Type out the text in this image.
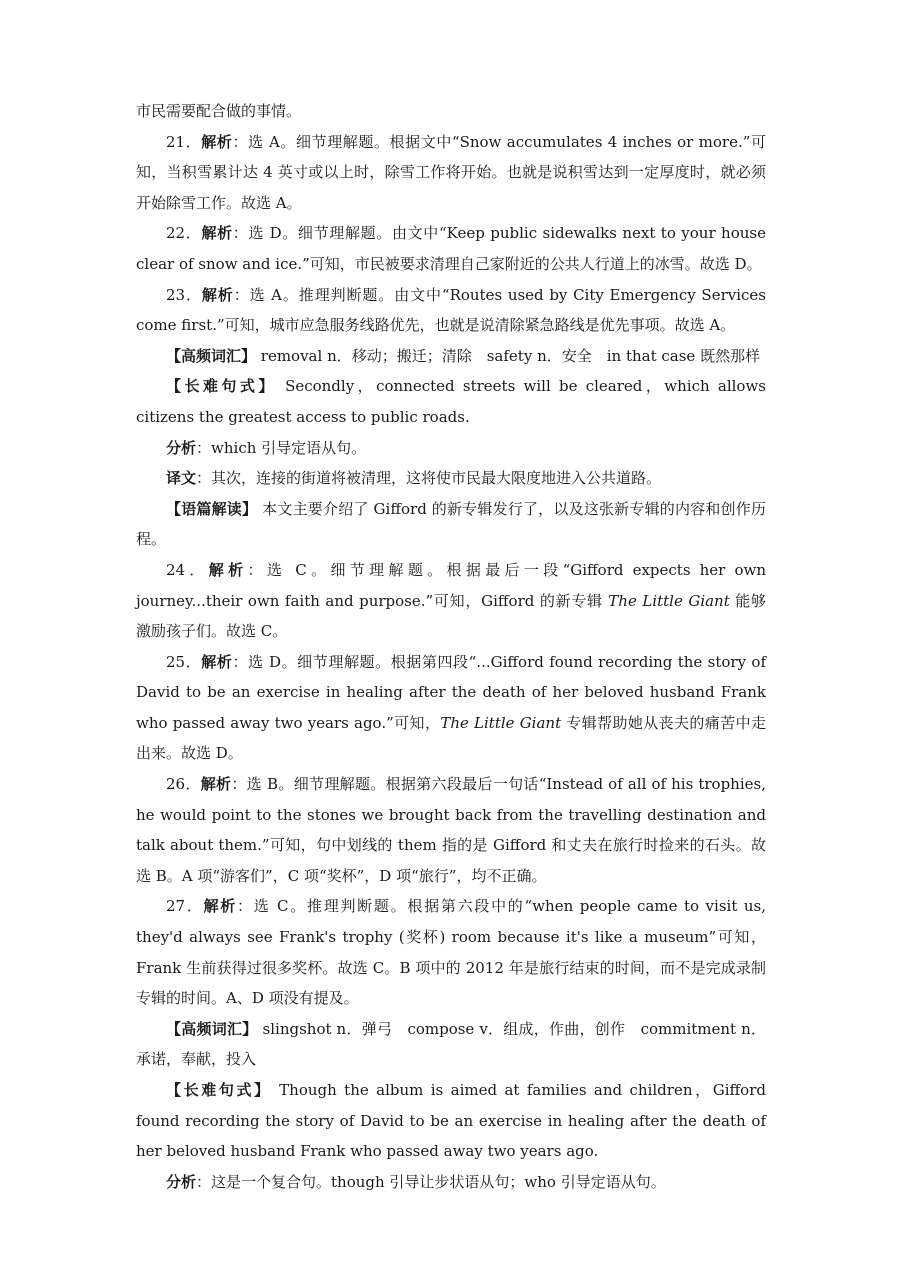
市民需要配合做的事情。

21．解析：选 A。细节理解题。根据文中“Snow accumulates 4 inches or more.”可知，当积雪累计达 4 英寸或以上时，除雪工作将开始。也就是说积雪达到一定厚度时，就必须开始除雪工作。故选 A。

22．解析：选 D。细节理解题。由文中“Keep public sidewalks next to your house clear of snow and ice.”可知，市民被要求清理自己家附近的公共人行道上的冰雪。故选 D。

23．解析：选 A。推理判断题。由文中“Routes used by City Emergency Services come first.”可知，城市应急服务线路优先，也就是说清除紧急路线是优先事项。故选 A。

【高频词汇】 removal n．移动；搬迁；清除　safety n．安全　in that case 既然那样

【长难句式】 Secondly，connected streets will be cleared，which allows citizens the greatest access to public roads.

分析：which 引导定语从句。

译文：其次，连接的街道将被清理，这将使市民最大限度地进入公共道路。

【语篇解读】 本文主要介绍了 Gifford 的新专辑发行了，以及这张新专辑的内容和创作历程。

24．解析：选 C。细节理解题。根据最后一段“Gifford expects her own journey...their own faith and purpose.”可知，Gifford 的新专辑 The Little Giant 能够激励孩子们。故选 C。

25．解析：选 D。细节理解题。根据第四段“...Gifford found recording the story of David to be an exercise in healing after the death of her beloved husband Frank who passed away two years ago.”可知，The Little Giant 专辑帮助她从丧夫的痛苦中走出来。故选 D。

26．解析：选 B。细节理解题。根据第六段最后一句话“Instead of all of his trophies, he would point to the stones we brought back from the travelling destination and talk about them.”可知，句中划线的 them 指的是 Gifford 和丈夫在旅行时捡来的石头。故选 B。A 项“游客们”，C 项“奖杯”，D 项“旅行”，均不正确。

27．解析：选 C。推理判断题。根据第六段中的“when people came to visit us, they'd always see Frank's trophy (奖杯) room because it's like a museum”可知，Frank 生前获得过很多奖杯。故选 C。B 项中的 2012 年是旅行结束的时间，而不是完成录制专辑的时间。A、D 项没有提及。

【高频词汇】 slingshot n．弹弓　compose v．组成，作曲，创作　commitment n．承诺，奉献，投入

【长难句式】 Though the album is aimed at families and children，Gifford found recording the story of David to be an exercise in healing after the death of her beloved husband Frank who passed away two years ago.

分析：这是一个复合句。though 引导让步状语从句；who 引导定语从句。
